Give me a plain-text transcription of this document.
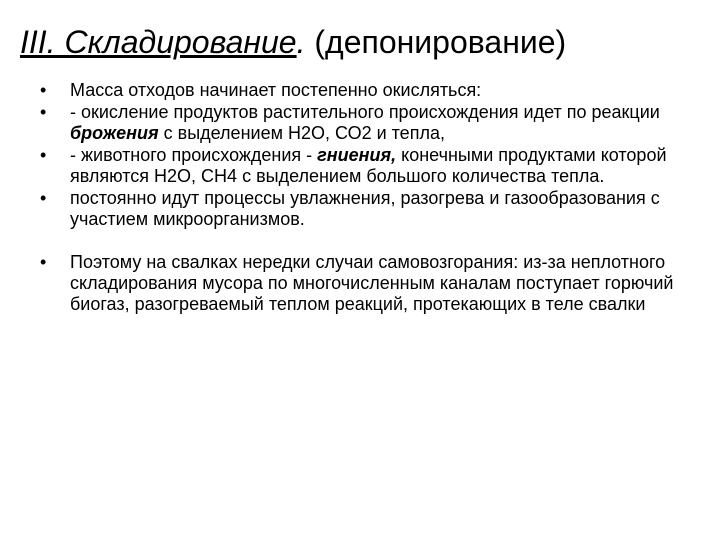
III. Складирование. (депонирование)
•	Масса отходов начинает постепенно окисляться:
•	- окисление продуктов растительного происхождения идет по реакции брожения с выделением Н2О, СО2 и тепла,
•	- животного происхождения - гниения, конечными продуктами которой являются Н2О, СН4 с выделением большого количества тепла.
•	постоянно идут процессы увлажнения, разогрева и газообразования с участием микроорганизмов.
•	Поэтому на свалках нередки случаи самовозгорания: из-за неплотного складирования мусора по многочисленным каналам поступает горючий биогаз, разогреваемый теплом реакций, протекающих в теле свалки
